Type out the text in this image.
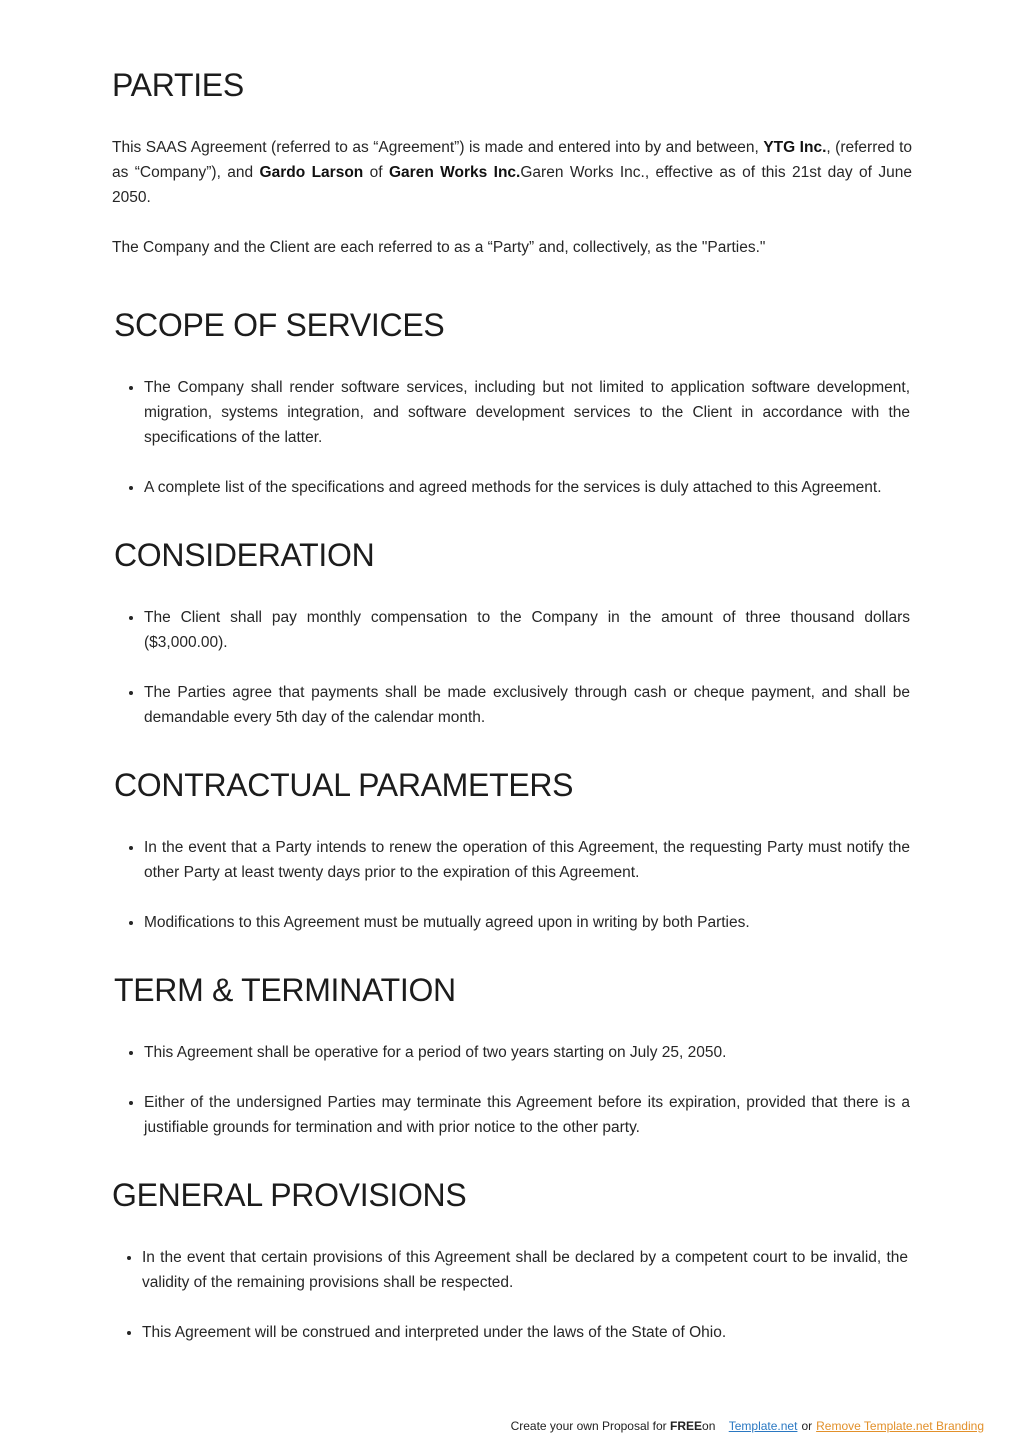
PARTIES

This SAAS Agreement (referred to as “Agreement”) is made and entered into by and between, YTG Inc., (referred to as “Company”), and Gardo Larson of Garen Works Inc.Garen Works Inc., effective as of this 21st day of June 2050.

The Company and the Client are each referred to as a “Party” and, collectively, as the "Parties."

SCOPE OF SERVICES
• The Company shall render software services, including but not limited to application software development, migration, systems integration, and software development services to the Client in accordance with the specifications of the latter.
• A complete list of the specifications and agreed methods for the services is duly attached to this Agreement.
CONSIDERATION
• The Client shall pay monthly compensation to the Company in the amount of three thousand dollars ($3,000.00).
• The Parties agree that payments shall be made exclusively through cash or cheque payment, and shall be demandable every 5th day of the calendar month.
CONTRACTUAL PARAMETERS
• In the event that a Party intends to renew the operation of this Agreement, the requesting Party must notify the other Party at least twenty days prior to the expiration of this Agreement.
• Modifications to this Agreement must be mutually agreed upon in writing by both Parties.
TERM & TERMINATION
• This Agreement shall be operative for a period of two years starting on July 25, 2050.
• Either of the undersigned Parties may terminate this Agreement before its expiration, provided that there is a justifiable grounds for termination and with prior notice to the other party.
GENERAL PROVISIONS
• In the event that certain provisions of this Agreement shall be declared by a competent court to be invalid, the validity of the remaining provisions shall be respected.
• This Agreement will be construed and interpreted under the laws of the State of Ohio.
Create your own Proposal for FREEon Template.net or Remove Template.net Branding
